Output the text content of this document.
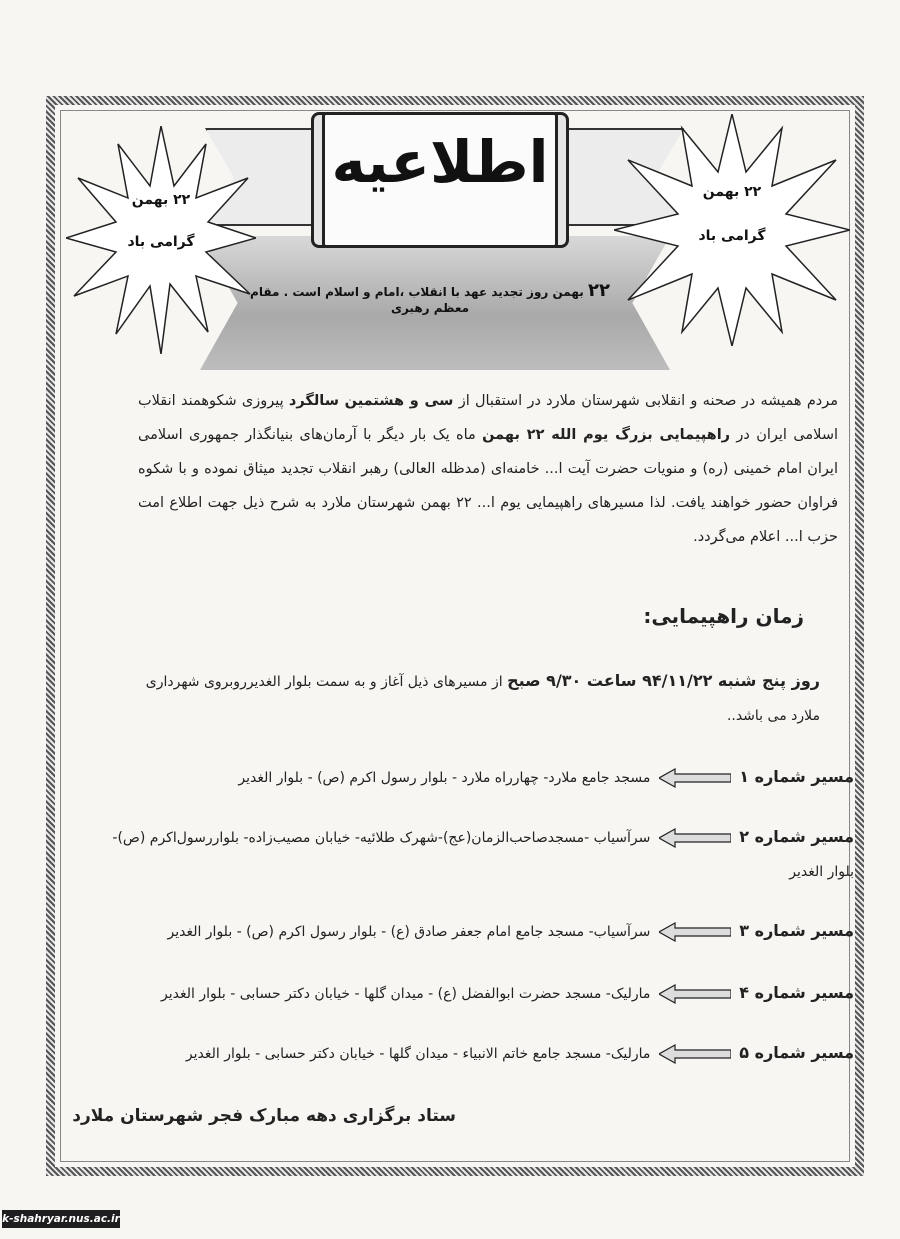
اطلاعیه
۲۲ بهمن
گرامی باد
۲۲ بهمن
گرامی باد
۲۲ بهمن روز تجدید عهد با انقلاب ،امام و اسلام است . مقام معظم رهبری
مردم همیشه در صحنه و انقلابی شهرستان ملارد در استقبال از سی و هشتمین سالگرد پیروزی شکوهمند انقلاب اسلامی ایران در راهپیمایی بزرگ یوم الله ۲۲ بهمن ماه یک بار دیگر با آرمان‌های بنیانگذار جمهوری اسلامی ایران امام خمینی (ره) و منویات حضرت آیت ا... خامنه‌ای (مدظله العالی) رهبر انقلاب تجدید میثاق نموده و با شکوه فراوان حضور خواهند یافت. لذا مسیرهای راهپیمایی یوم ا... ۲۲ بهمن شهرستان ملارد به شرح ذیل جهت اطلاع امت حزب ا... اعلام می‌گردد.
زمان راهپیمایی:
روز پنج شنبه ۹۴/۱۱/۲۲ ساعت ۹/۳۰ صبح از مسیرهای ذیل آغاز و به سمت بلوار الغدیرروبروی شهرداری ملارد می باشد..
مسیر شماره ۱  مسجد جامع ملارد- چهارراه ملارد - بلوار رسول اکرم (ص) - بلوار الغدیر
مسیر شماره ۲  سرآسیاب -مسجدصاحب‌الزمان(عج)-شهرک طلائیه- خیابان مصیب‌زاده- بلواررسول‌اکرم (ص)- بلوار الغدیر
مسیر شماره ۳  سرآسیاب- مسجد جامع امام جعفر صادق (ع) - بلوار رسول اکرم (ص) - بلوار الغدیر
مسیر شماره ۴  مارلیک- مسجد حضرت ابوالفضل (ع) - میدان گلها - خیابان دکتر حسابی - بلوار الغدیر
مسیر شماره ۵  مارلیک- مسجد جامع خاتم الانبیاء - میدان گلها - خیابان دکتر حسابی - بلوار الغدیر
ستاد برگزاری دهه مبارک فجر شهرستان ملارد
k-shahryar.nus.ac.ir
